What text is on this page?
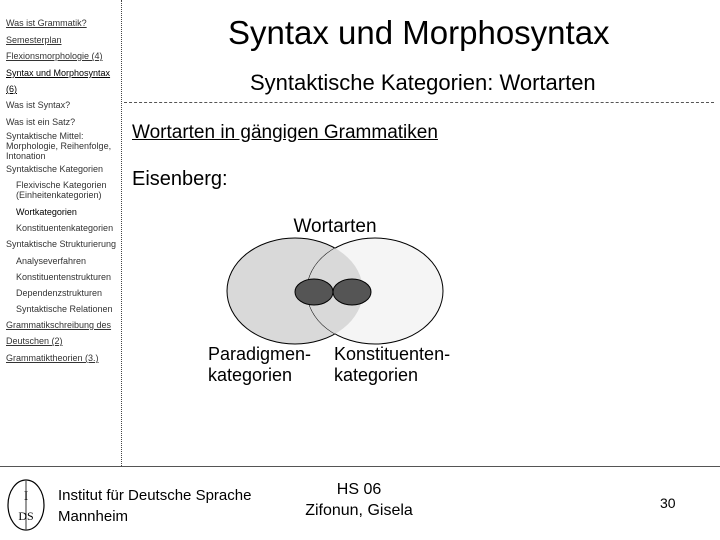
Was ist Grammatik?
Semesterplan
Flexionsmorphologie (4)
Syntax und Morphosyntax
(6)
Was ist Syntax?
Was ist ein Satz?
Syntaktische Mittel: Morphologie, Reihenfolge, Intonation
Syntaktische Kategorien
Flexivische Kategorien (Einheitenkategorien)
Wortkategorien
Konstituentenkategorien
Syntaktische Strukturierung
Analyseverfahren
Konstituentenstrukturen
Dependenzstrukturen
Syntaktische Relationen
Grammatikschreibung des
Deutschen (2)
Grammatiktheorien (3.)
Syntax und Morphosyntax
Syntaktische Kategorien: Wortarten
Wortarten in gängigen Grammatiken
Eisenberg:
Wortarten
Paradigmen-
kategorien
Konstituenten-
kategorien
I
DS
Institut für Deutsche Sprache
Mannheim
HS 06
Zifonun, Gisela	30
